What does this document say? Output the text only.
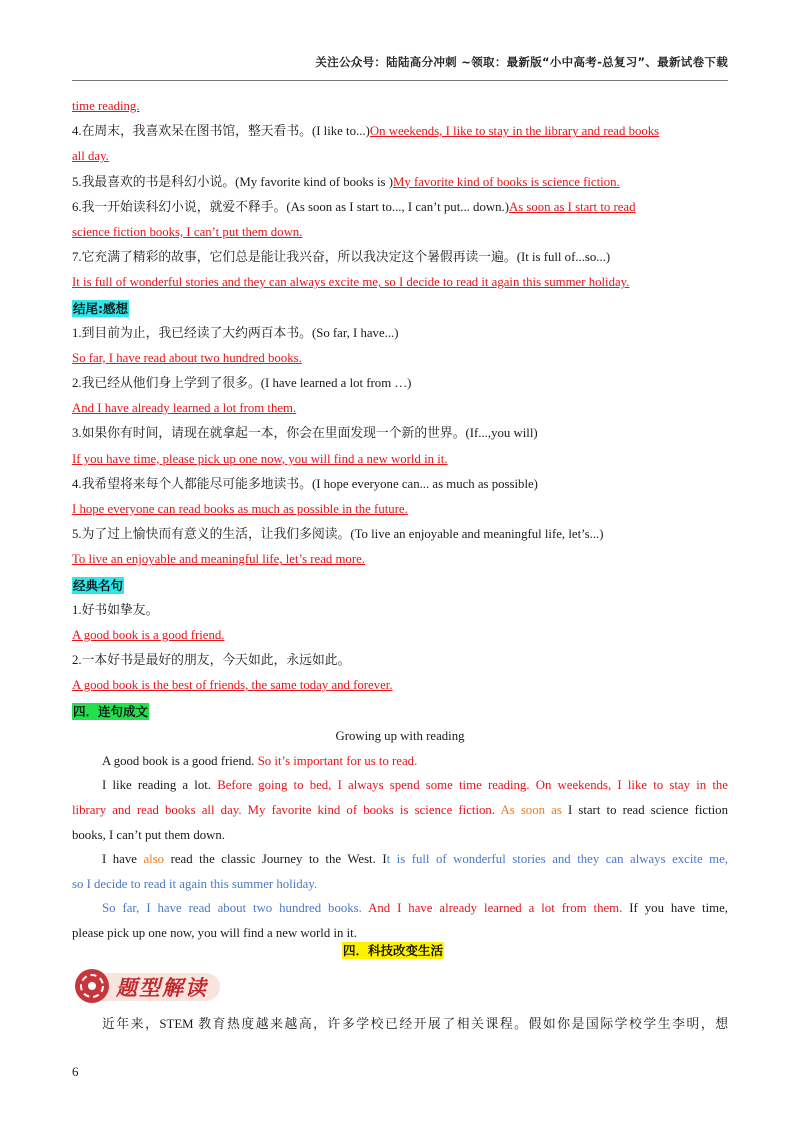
关注公众号：陆陆高分冲刺 ~领取：最新版“小中高考-总复习”、最新试卷下载
time reading.
4.在周末，我喜欢呆在图书馆，整天看书。(I like to...)On weekends, I like to stay in the library and read books
all day.
5.我最喜欢的书是科幻小说。(My favorite kind of books is )My favorite kind of books is science fiction.
6.我一开始读科幻小说，就爱不释手。(As soon as I start to..., I can’t put... down.)As soon as I start to read
science fiction books, I can’t put them down.
7.它充满了精彩的故事，它们总是能让我兴奋，所以我决定这个暑假再读一遍。(It is full of...so...)
It is full of wonderful stories and they can always excite me, so I decide to read it again this summer holiday.
结尾:感想
1.到目前为止，我已经读了大约两百本书。(So far, I have...)
So far, I have read about two hundred books.
2.我已经从他们身上学到了很多。(I have learned a lot from …)
And I have already learned a lot from them.
3.如果你有时间，请现在就拿起一本，你会在里面发现一个新的世界。(If...,you will)
If you have time, please pick up one now, you will find a new world in it.
4.我希望将来每个人都能尽可能多地读书。(I hope everyone can... as much as possible)
I hope everyone can read books as much as possible in the future.
5.为了过上愉快而有意义的生活，让我们多阅读。(To live an enjoyable and meaningful life, let’s...)
To live an enjoyable and meaningful life, let’s read more.
经典名句
1.好书如挚友。
A good book is a good friend.
2.一本好书是最好的朋友，今天如此，永远如此。
A good book is the best of friends, the same today and forever.
四．连句成文
Growing up with reading
A good book is a good friend. So it’s important for us to read.
I like reading a lot. Before going to bed, I always spend some time reading. On weekends, I like to stay in the
library and read books all day. My favorite kind of books is science fiction. As soon as I start to read science fiction
books, I can’t put them down.
I have also read the classic Journey to the West. It is full of wonderful stories and they can always excite me,
so I decide to read it again this summer holiday.
So far, I have read about two hundred books. And I have already learned a lot from them. If you have time,
please pick up one now, you will find a new world in it.
四．科技改变生活
题型解读
近年来，STEM 教育热度越来越高，许多学校已经开展了相关课程。假如你是国际学校学生李明，想
6
